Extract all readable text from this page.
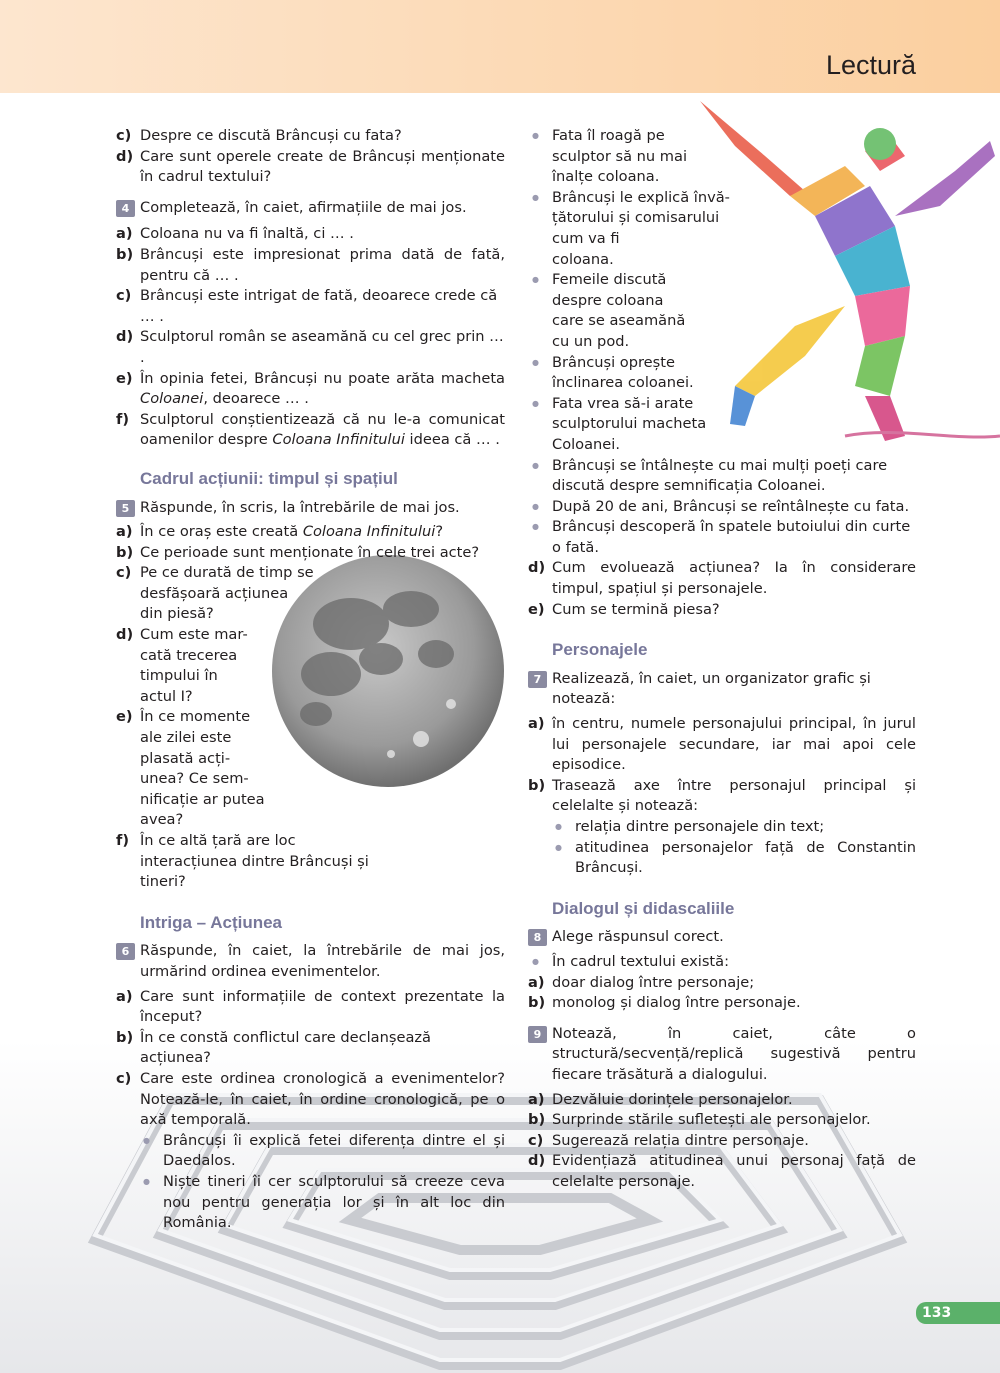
Lectură

c) Despre ce discută Brâncuși cu fata?

d) Care sunt operele create de Brâncuși menționate în cadrul textului?

4 Completează, în caiet, afirmațiile de mai jos.

a) Coloana nu va fi înaltă, ci … .

b) Brâncuși este impresionat prima dată de fată, pentru că … .

c) Brâncuși este intrigat de fată, deoarece crede că … .

d) Sculptorul român se aseamănă cu cel grec prin … .

e) În opinia fetei, Brâncuși nu poate arăta macheta Coloanei, deoarece … .

f) Sculptorul conștientizează că nu le-a comunicat oamenilor despre Coloana Infinitului ideea că … .

Cadrul acțiunii: timpul și spațiul
5 Răspunde, în scris, la întrebările de mai jos.

a) În ce oraș este creată Coloana Infinitului?

b) Ce perioade sunt menționate în cele trei acte?

c) Pe ce durată de timp se
desfășoară acțiunea
din piesă?

d) Cum este mar-
cată trecerea
timpului în
actul I?

e) În ce momente
ale zilei este
plasată acți-
unea? Ce sem-
nificație ar putea
avea?

f) În ce altă țară are loc interacțiunea dintre Brâncuși și tineri?

Intriga – Acțiunea
6 Răspunde, în caiet, la întrebările de mai jos, urmărind ordinea evenimentelor.

a) Care sunt informațiile de context prezentate la început?

b) În ce constă conflictul care declanșează acțiunea?

c) Care este ordinea cronologică a evenimentelor? Notează-le, în caiet, în ordine cronologică, pe o axă temporală.

● Brâncuși îi explică fetei diferența dintre el și Daedalos.

● Niște tineri îi cer sculptorului să creeze ceva nou pentru generația lor și în alt loc din România.

● Fata îl roagă pe
sculptor să nu mai
înalțe coloana.

● Brâncuși le explică învă-
țătorului și comisarului
cum va fi
coloana.

● Femeile discută
despre coloana
care se aseamănă
cu un pod.

● Brâncuși oprește
înclinarea coloanei.

● Fata vrea să-i arate
sculptorului macheta
Coloanei.

● Brâncuși se întâlnește cu mai mulți poeți care
discută despre semnificația Coloanei.

● După 20 de ani, Brâncuși se reîntâlnește cu fata.

● Brâncuși descoperă în spatele butoiului din curte
o fată.

d) Cum evoluează acțiunea? Ia în considerare timpul, spațiul și personajele.

e) Cum se termină piesa?

Personajele
7 Realizează, în caiet, un organizator grafic și notează:

a) în centru, numele personajului principal, în jurul lui personajele secundare, iar mai apoi cele episodice.

b) Trasează axe între personajul principal și celelalte și notează:

● relația dintre personajele din text;

● atitudinea personajelor față de Constantin Brâncuși.

Dialogul și didascaliile
8 Alege răspunsul corect.

● În cadrul textului există:

a) doar dialog între personaje;

b) monolog și dialog între personaje.

9 Notează, în caiet, câte o structură/secvență/replică sugestivă pentru fiecare trăsătură a dialogului.

a) Dezvăluie dorințele personajelor.

b) Surprinde stările sufletești ale personajelor.

c) Sugerează relația dintre personaje.

d) Evidențiază atitudinea unui personaj față de celelalte personaje.

133
